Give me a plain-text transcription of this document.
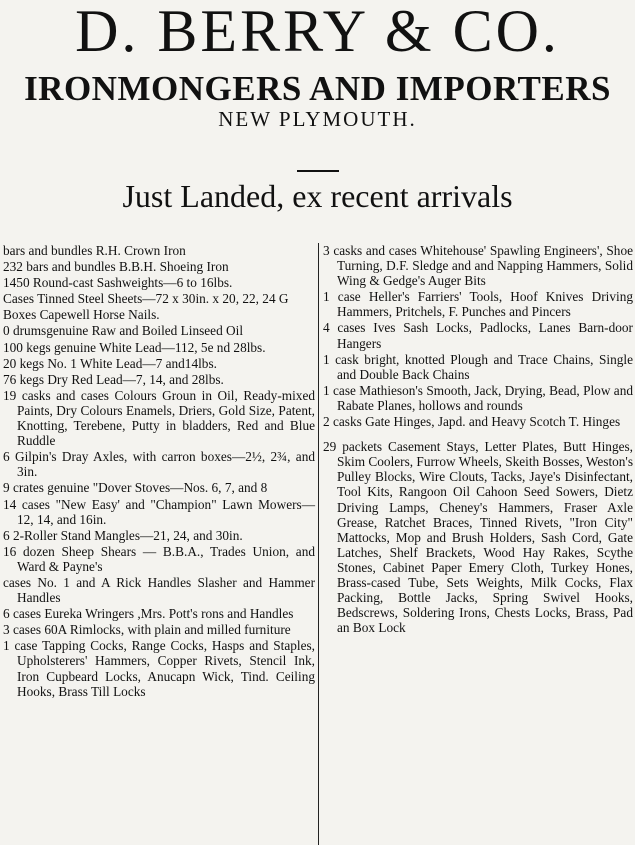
D. BERRY & CO.
IRONMONGERS AND IMPORTERS
NEW PLYMOUTH.
Just Landed, ex recent arrivals
bars and bundles R.H. Crown Iron
232 bars and bundles B.B.H. Shoeing Iron
1450 Round-cast Sashweights—6 to 16lbs.
Cases Tinned Steel Sheets—72 x 30in. x 20, 22, 24 G
Boxes Capewell Horse Nails.
0 drumsgenuine Raw and Boiled Linseed Oil
100 kegs genuine White Lead—112, 5e nd 28lbs.
20 kegs No. 1 White Lead—7 and14lbs.
76 kegs Dry Red Lead—7, 14, and 28lbs.
19 casks and cases Colours Groun in Oil, Ready-mixed Paints, Dry Colours Enamels, Driers, Gold Size, Patent, Knotting, Terebene, Putty in bladders, Red and Blue Ruddle
6 Gilpin's Dray Axles, with carron boxes—2½, 2¾, and 3in.
9 crates genuine "Dover Stoves—Nos. 6, 7, and 8
14 cases "New Easy' and "Champion" Lawn Mowers—12, 14, and 16in.
6 2-Roller Stand Mangles—21, 24, and 30in.
16 dozen Sheep Shears — B.B.A., Trades Union, and Ward & Payne's
cases No. 1 and A Rick Handles Slasher and Hammer Handles
6 cases Eureka Wringers ,Mrs. Pott's rons and Handles
3 cases 60A Rimlocks, with plain and milled furniture
1 case Tapping Cocks, Range Cocks, Hasps and Staples, Upholsterers' Hammers, Copper Rivets, Stencil Ink, Iron Cupbeard Locks, Anucapn Wick, Tind. Ceiling Hooks, Brass Till Locks
3 casks and cases Whitehouse' Spawling Engineers', Shoe Turning, D.F. Sledge and and Napping Hammers, Solid Wing & Gedge's Auger Bits
1 case Heller's Farriers' Tools, Hoof Knives Driving Hammers, Pritchels, F. Punches and Pincers
4 cases Ives Sash Locks, Padlocks, Lanes Barn-door Hangers
1 cask bright, knotted Plough and Trace Chains, Single and Double Back Chains
1 case Mathieson's Smooth, Jack, Drying, Bead, Plow and Rabate Planes, hollows and rounds
2 casks Gate Hinges, Japd. and Heavy Scotch T. Hinges
29 packets Casement Stays, Letter Plates, Butt Hinges, Skim Coolers, Furrow Wheels, Skeith Bosses, Weston's Pulley Blocks, Wire Clouts, Tacks, Jaye's Disinfectant, Tool Kits, Rangoon Oil Cahoon Seed Sowers, Dietz Driving Lamps, Cheney's Hammers, Fraser Axle Grease, Ratchet Braces, Tinned Rivets, "Iron City" Mattocks, Mop and Brush Holders, Sash Cord, Gate Latches, Shelf Brackets, Wood Hay Rakes, Scythe Stones, Cabinet Paper Emery Cloth, Turkey Hones, Brass-cased Tube, Sets Weights, Milk Cocks, Flax Packing, Bottle Jacks, Spring Swivel Hooks, Bedscrews, Soldering Irons, Chests Locks, Brass, Pad an Box Lock
